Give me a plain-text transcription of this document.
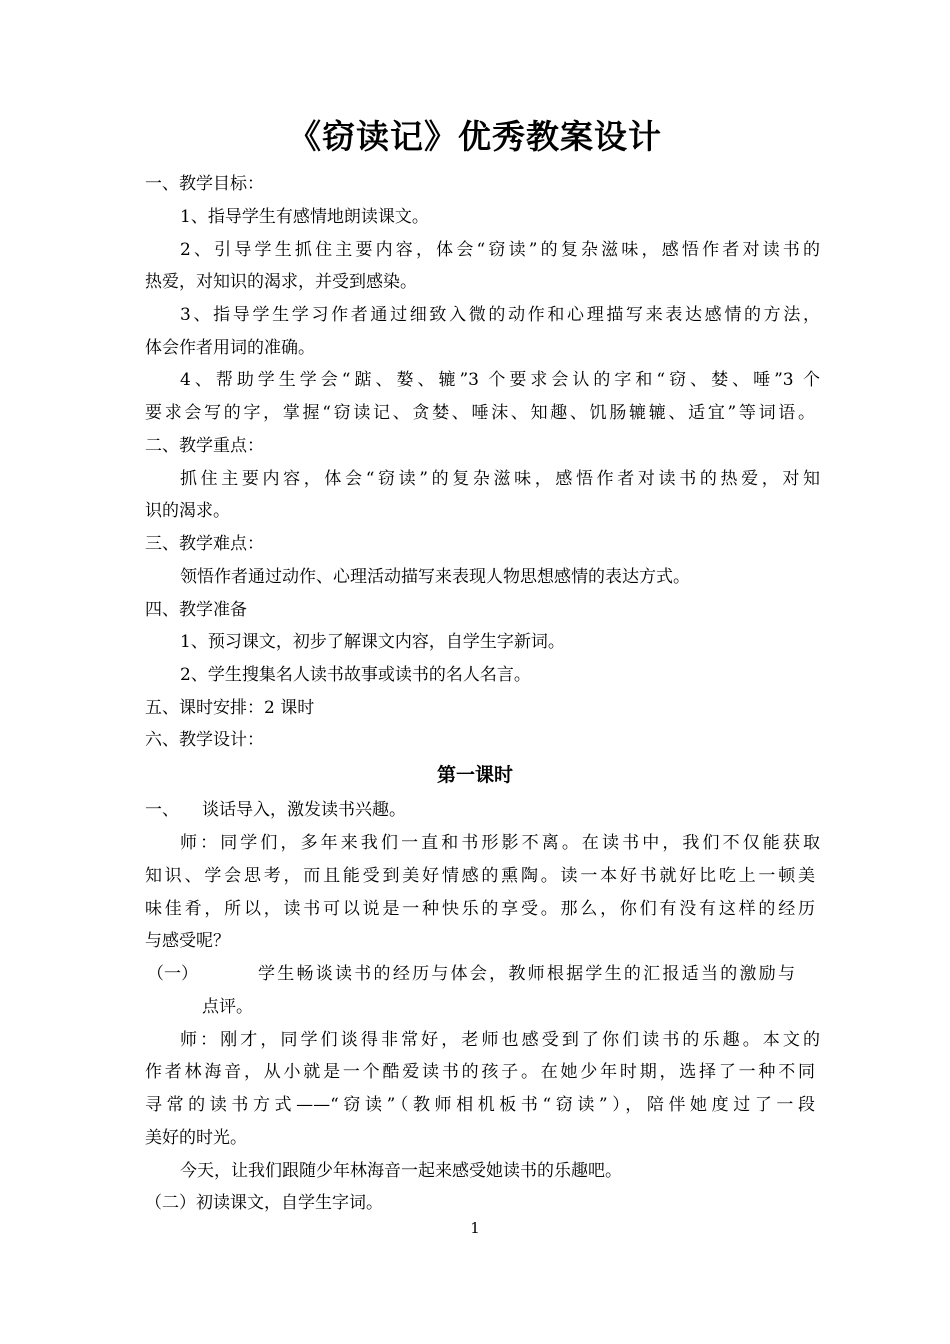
《窃读记》优秀教案设计

一、教学目标：

1、指导学生有感情地朗读课文。

2、引导学生抓住主要内容，体会“窃读”的复杂滋味，感悟作者对读书的

热爱，对知识的渴求，并受到感染。

3、指导学生学习作者通过细致入微的动作和心理描写来表达感情的方法，

体会作者用词的准确。

4、帮助学生学会“踮、嫯、辘”3 个要求会认的字和“窃、婪、唾”3 个

要求会写的字，掌握“窃读记、贪婪、唾沫、知趣、饥肠辘辘、适宜”等词语。

二、教学重点：

抓住主要内容，体会“窃读”的复杂滋味，感悟作者对读书的热爱，对知

识的渴求。

三、教学难点：

领悟作者通过动作、心理活动描写来表现人物思想感情的表达方式。

四、教学准备

1、预习课文，初步了解课文内容，自学生字新词。

2、学生搜集名人读书故事或读书的名人名言。

五、课时安排：2 课时

六、教学设计：

第一课时

一、	谈话导入，激发读书兴趣。

师：同学们，多年来我们一直和书形影不离。在读书中，我们不仅能获取

知识、学会思考，而且能受到美好情感的熏陶。读一本好书就好比吃上一顿美

味佳肴，所以，读书可以说是一种快乐的享受。那么，你们有没有这样的经历

与感受呢？

（一）	学生畅谈读书的经历与体会，教师根据学生的汇报适当的激励与

点评。

师：刚才，同学们谈得非常好，老师也感受到了你们读书的乐趣。本文的

作者林海音，从小就是一个酷爱读书的孩子。在她少年时期，选择了一种不同

寻常的读书方式——“窃读”（教师相机板书“窃读”），陪伴她度过了一段

美好的时光。

今天，让我们跟随少年林海音一起来感受她读书的乐趣吧。

（二）初读课文，自学生字词。

1
